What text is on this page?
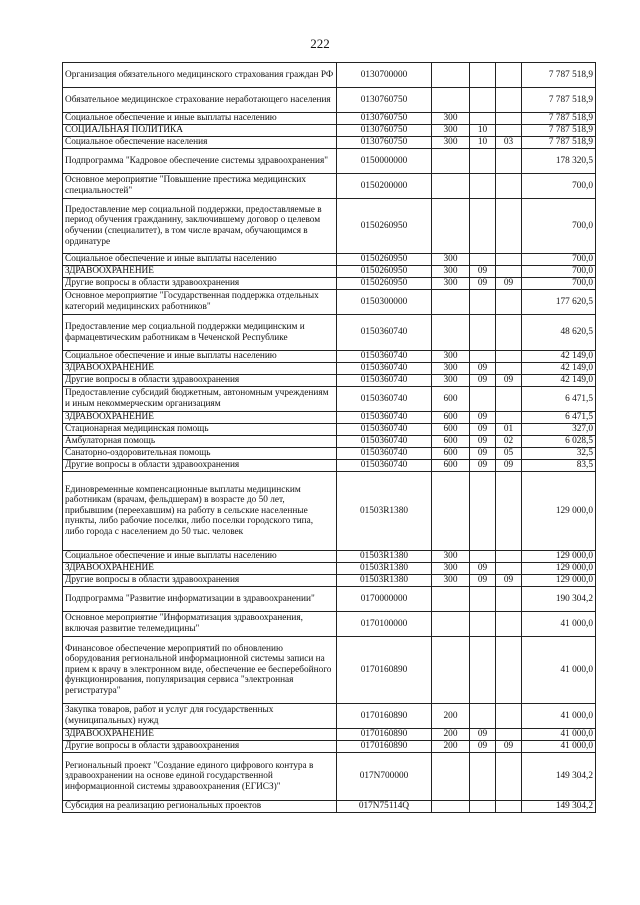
222
Организация обязательного медицинского страхования граждан РФ	0130700000				7 787 518,9
Обязательное медицинское страхование неработающего населения	0130760750				7 787 518,9
Социальное обеспечение и иные выплаты населению	0130760750	300			7 787 518,9
СОЦИАЛЬНАЯ ПОЛИТИКА	0130760750	300	10		7 787 518,9
Социальное обеспечение населения	0130760750	300	10	03	7 787 518,9
Подпрограмма "Кадровое обеспечение системы здравоохранения"	0150000000				178 320,5
Основное мероприятие "Повышение престижа медицинских специальностей"	0150200000				700,0
Предоставление мер социальной поддержки, предоставляемые в период обучения гражданину, заключившему договор о целевом обучении (специалитет), в том числе врачам, обучающимся в ординатуре	0150260950				700,0
Социальное обеспечение и иные выплаты населению	0150260950	300			700,0
ЗДРАВООХРАНЕНИЕ	0150260950	300	09		700,0
Другие вопросы в области здравоохранения	0150260950	300	09	09	700,0
Основное мероприятие "Государственная поддержка отдельных категорий медицинских работников"	0150300000				177 620,5
Предоставление мер социальной поддержки медицинским и фармацевтическим работникам в Чеченской Республике	0150360740				48 620,5
Социальное обеспечение и иные выплаты населению	0150360740	300			42 149,0
ЗДРАВООХРАНЕНИЕ	0150360740	300	09		42 149,0
Другие вопросы в области здравоохранения	0150360740	300	09	09	42 149,0
Предоставление субсидий бюджетным, автономным учреждениям и иным некоммерческим организациям	0150360740	600			6 471,5
ЗДРАВООХРАНЕНИЕ	0150360740	600	09		6 471,5
Стационарная медицинская помощь	0150360740	600	09	01	327,0
Амбулаторная помощь	0150360740	600	09	02	6 028,5
Санаторно-оздоровительная помощь	0150360740	600	09	05	32,5
Другие вопросы в области здравоохранения	0150360740	600	09	09	83,5
Единовременные компенсационные выплаты медицинским работникам (врачам, фельдшерам) в возрасте до 50 лет, прибывшим (переехавшим) на работу в сельские населенные пункты, либо рабочие поселки, либо поселки городского типа, либо города с населением до 50 тыс. человек	01503R1380				129 000,0
Социальное обеспечение и иные выплаты населению	01503R1380	300			129 000,0
ЗДРАВООХРАНЕНИЕ	01503R1380	300	09		129 000,0
Другие вопросы в области здравоохранения	01503R1380	300	09	09	129 000,0
Подпрограмма "Развитие информатизации в здравоохранении"	0170000000				190 304,2
Основное мероприятие "Информатизация здравоохранения, включая развитие телемедицины"	0170100000				41 000,0
Финансовое обеспечение мероприятий по обновлению оборудования региональной информационной системы записи на прием к врачу в электронном виде, обеспечение ее бесперебойного функционирования, популяризация сервиса "электронная регистратура"	0170160890				41 000,0
Закупка товаров, работ и услуг для государственных (муниципальных) нужд	0170160890	200			41 000,0
ЗДРАВООХРАНЕНИЕ	0170160890	200	09		41 000,0
Другие вопросы в области здравоохранения	0170160890	200	09	09	41 000,0
Региональный проект "Создание единого цифрового контура в здравоохранении на основе единой государственной информационной системы здравоохранения (ЕГИСЗ)"	017N700000				149 304,2
Субсидия на реализацию региональных проектов	017N75114Q				149 304,2
